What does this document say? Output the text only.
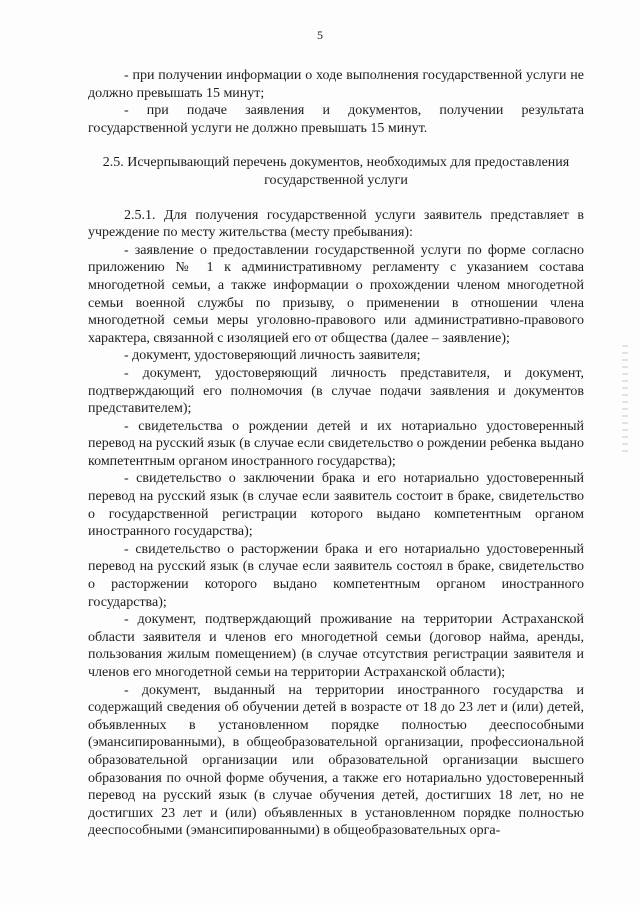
5

- при получении информации о ходе выполнения государственной услуги не должно превышать 15 минут;

- при подаче заявления и документов, получении результата государственной услуги не должно превышать 15 минут.

2.5. Исчерпывающий перечень документов, необходимых для предоставления государственной услуги

2.5.1. Для получения государственной услуги заявитель представляет в учреждение по месту жительства (месту пребывания):

- заявление о предоставлении государственной услуги по форме согласно приложению № 1 к административному регламенту с указанием состава многодетной семьи, а также информации о прохождении членом многодетной семьи военной службы по призыву, о применении в отношении члена многодетной семьи меры уголовно-правового или административно-правового характера, связанной с изоляцией его от общества (далее – заявление);

- документ, удостоверяющий личность заявителя;

- документ, удостоверяющий личность представителя, и документ, подтверждающий его полномочия (в случае подачи заявления и документов представителем);

- свидетельства о рождении детей и их нотариально удостоверенный перевод на русский язык (в случае если свидетельство о рождении ребенка выдано компетентным органом иностранного государства);

- свидетельство о заключении брака и его нотариально удостоверенный перевод на русский язык (в случае если заявитель состоит в браке, свидетельство о государственной регистрации которого выдано компетентным органом иностранного государства);

- свидетельство о расторжении брака и его нотариально удостоверенный перевод на русский язык (в случае если заявитель состоял в браке, свидетельство о расторжении которого выдано компетентным органом иностранного государства);

- документ, подтверждающий проживание на территории Астраханской области заявителя и членов его многодетной семьи (договор найма, аренды, пользования жилым помещением) (в случае отсутствия регистрации заявителя и членов его многодетной семьи на территории Астраханской области);

- документ, выданный на территории иностранного государства и содержащий сведения об обучении детей в возрасте от 18 до 23 лет и (или) детей, объявленных в установленном порядке полностью дееспособными (эмансипированными), в общеобразовательной организации, профессиональной образовательной организации или образовательной организации высшего образования по очной форме обучения, а также его нотариально удостоверенный перевод на русский язык (в случае обучения детей, достигших 18 лет, но не достигших 23 лет и (или) объявленных в установленном порядке полностью дееспособными (эмансипированными) в общеобразовательных орга-
